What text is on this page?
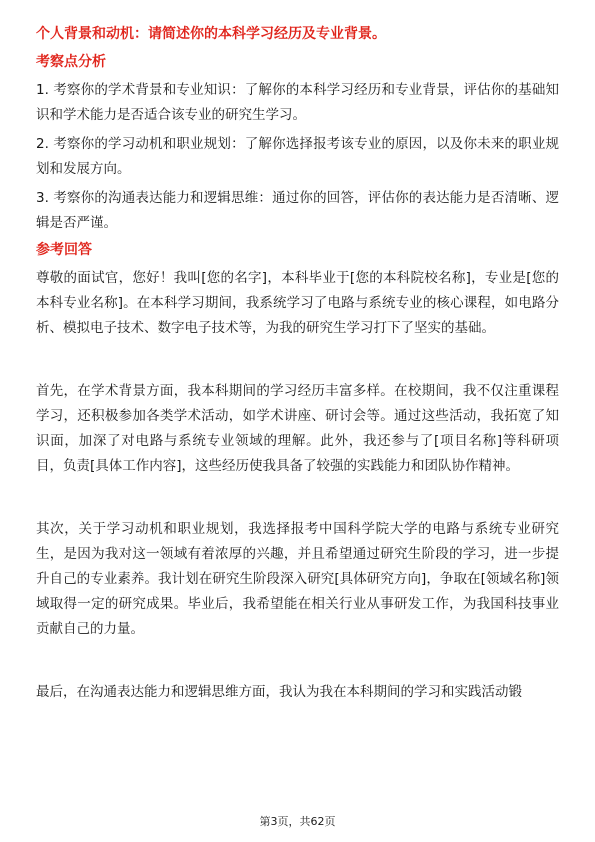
个人背景和动机：请简述你的本科学习经历及专业背景。
考察点分析

1. 考察你的学术背景和专业知识：了解你的本科学习经历和专业背景，评估你的基础知识和学术能力是否适合该专业的研究生学习。

2. 考察你的学习动机和职业规划：了解你选择报考该专业的原因，以及你未来的职业规划和发展方向。

3. 考察你的沟通表达能力和逻辑思维：通过你的回答，评估你的表达能力是否清晰、逻辑是否严谨。

参考回答

尊敬的面试官，您好！我叫[您的名字]，本科毕业于[您的本科院校名称]，专业是[您的本科专业名称]。在本科学习期间，我系统学习了电路与系统专业的核心课程，如电路分析、模拟电子技术、数字电子技术等，为我的研究生学习打下了坚实的基础。

首先，在学术背景方面，我本科期间的学习经历丰富多样。在校期间，我不仅注重课程学习，还积极参加各类学术活动，如学术讲座、研讨会等。通过这些活动，我拓宽了知识面，加深了对电路与系统专业领域的理解。此外，我还参与了[项目名称]等科研项目，负责[具体工作内容]，这些经历使我具备了较强的实践能力和团队协作精神。

其次，关于学习动机和职业规划，我选择报考中国科学院大学的电路与系统专业研究生，是因为我对这一领域有着浓厚的兴趣，并且希望通过研究生阶段的学习，进一步提升自己的专业素养。我计划在研究生阶段深入研究[具体研究方向]，争取在[领域名称]领域取得一定的研究成果。毕业后，我希望能在相关行业从事研发工作，为我国科技事业贡献自己的力量。

最后，在沟通表达能力和逻辑思维方面，我认为我在本科期间的学习和实践活动锻

第3页，共62页
